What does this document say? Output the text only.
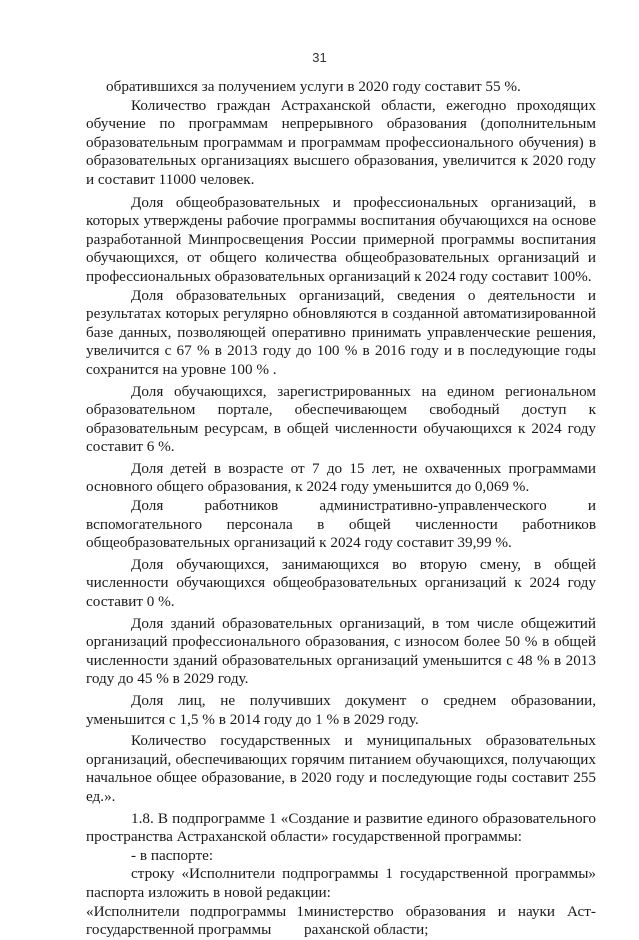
31

обратившихся за получением услуги в 2020 году составит 55 %.

Количество граждан Астраханской области, ежегодно проходящих обучение по программам непрерывного образования (дополнительным образовательным программам и программам профессионального обучения) в образовательных организациях высшего образования, увеличится к 2020 году и составит 11000 человек.

Доля общеобразовательных и профессиональных организаций, в которых утверждены рабочие программы воспитания обучающихся на основе разработанной Минпросвещения России примерной программы воспитания обучающихся, от общего количества общеобразовательных организаций и профессиональных образовательных организаций к 2024 году составит 100%.

Доля образовательных организаций, сведения о деятельности и результатах которых регулярно обновляются в созданной автоматизированной базе данных, позволяющей оперативно принимать управленческие решения, увеличится с 67 % в 2013 году до 100 % в 2016 году и в последующие годы сохранится на уровне 100 % .

Доля обучающихся, зарегистрированных на едином региональном образовательном портале, обеспечивающем свободный доступ к образовательным ресурсам, в общей численности обучающихся к 2024 году составит 6 %.

Доля детей в возрасте от 7 до 15 лет, не охваченных программами основного общего образования, к 2024 году уменьшится до 0,069 %.

Доля работников административно-управленческого и вспомогательного персонала в общей численности работников общеобразовательных организаций к 2024 году составит 39,99 %.

Доля обучающихся, занимающихся во вторую смену, в общей численности обучающихся общеобразовательных организаций к 2024 году составит 0 %.

Доля зданий образовательных организаций, в том числе общежитий организаций профессионального образования, с износом более 50 % в общей численности зданий образовательных организаций уменьшится с 48 % в 2013 году до 45 % в 2029 году.

Доля лиц, не получивших документ о среднем образовании, уменьшится с 1,5 % в 2014 году до 1 % в 2029 году.

Количество государственных и муниципальных образовательных организаций, обеспечивающих горячим питанием обучающихся, получающих начальное общее образование, в 2020 году и последующие годы составит 255 ед.».

1.8. В подпрограмме 1 «Создание и развитие единого образовательного пространства Астраханской области» государственной программы:

- в паспорте:

строку «Исполнители подпрограммы 1 государственной программы» паспорта изложить в новой редакции:

«Исполнители подпрограммы 1
государственной программы
министерство образования и науки Аст-
раханской области;
